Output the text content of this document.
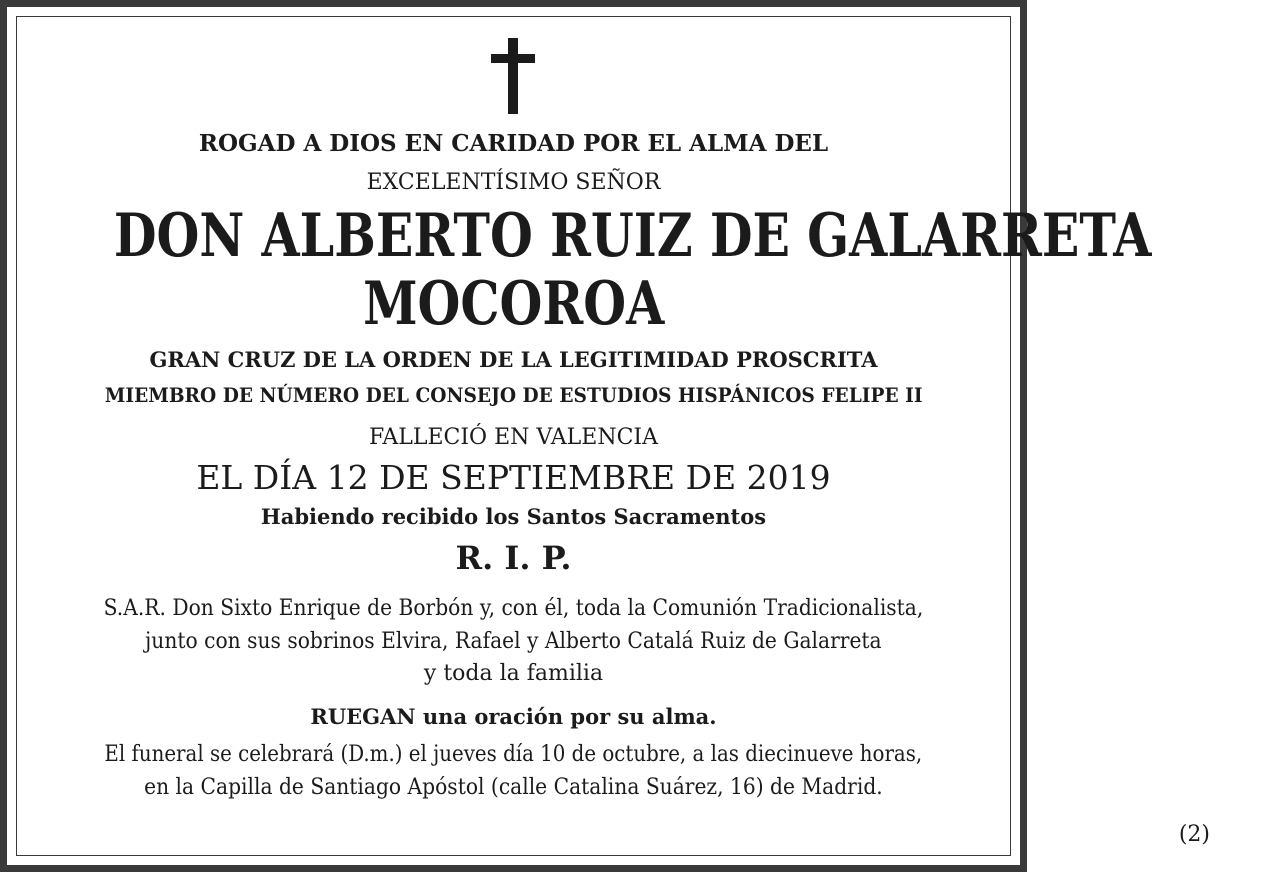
ROGAD A DIOS EN CARIDAD POR EL ALMA DEL
EXCELENTÍSIMO SEÑOR
DON ALBERTO RUIZ DE GALARRETA
MOCOROA
GRAN CRUZ DE LA ORDEN DE LA LEGITIMIDAD PROSCRITA
MIEMBRO DE NÚMERO DEL CONSEJO DE ESTUDIOS HISPÁNICOS FELIPE II
FALLECIÓ EN VALENCIA
EL DÍA 12 DE SEPTIEMBRE DE 2019
Habiendo recibido los Santos Sacramentos
R. I. P.
S.A.R. Don Sixto Enrique de Borbón y, con él, toda la Comunión Tradicionalista,
junto con sus sobrinos Elvira, Rafael y Alberto Catalá Ruiz de Galarreta
y toda la familia
RUEGAN una oración por su alma.
El funeral se celebrará (D.m.) el jueves día 10 de octubre, a las diecinueve horas,
en la Capilla de Santiago Apóstol (calle Catalina Suárez, 16) de Madrid.
(2)
